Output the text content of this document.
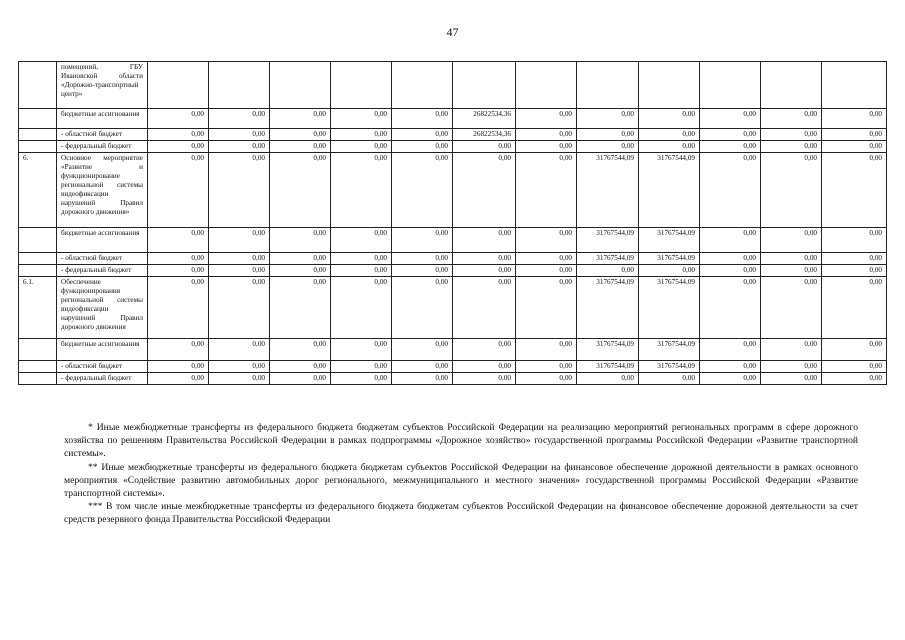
47
	помещений, ГБУ Ивановской области «Дорожно-транспортный центр»												
	бюджетные ассигнования	0,00	0,00	0,00	0,00	0,00	26822534,36	0,00	0,00	0,00	0,00	0,00	0,00
	- областной бюджет	0,00	0,00	0,00	0,00	0,00	26822534,36	0,00	0,00	0,00	0,00	0,00	0,00
	- федеральный бюджет	0,00	0,00	0,00	0,00	0,00	0,00	0,00	0,00	0,00	0,00	0,00	0,00
6.	Основное мероприятие «Развитие и функционирование региональной системы видеофиксации нарушений Правил дорожного движения»	0,00	0,00	0,00	0,00	0,00	0,00	0,00	31767544,09	31767544,09	0,00	0,00	0,00
	бюджетные ассигнования	0,00	0,00	0,00	0,00	0,00	0,00	0,00	31767544,09	31767544,09	0,00	0,00	0,00
	- областной бюджет	0,00	0,00	0,00	0,00	0,00	0,00	0,00	31767544,09	31767544,09	0,00	0,00	0,00
	- федеральный бюджет	0,00	0,00	0,00	0,00	0,00	0,00	0,00	0,00	0,00	0,00	0,00	0,00
6.1.	Обеспечение функционирования региональной системы видеофиксации нарушений Правил дорожного движения	0,00	0,00	0,00	0,00	0,00	0,00	0,00	31767544,09	31767544,09	0,00	0,00	0,00
	бюджетные ассигнования	0,00	0,00	0,00	0,00	0,00	0,00	0,00	31767544,09	31767544,09	0,00	0,00	0,00
	- областной бюджет	0,00	0,00	0,00	0,00	0,00	0,00	0,00	31767544,09	31767544,09	0,00	0,00	0,00
	- федеральный бюджет	0,00	0,00	0,00	0,00	0,00	0,00	0,00	0,00	0,00	0,00	0,00	0,00

* Иные межбюджетные трансферты из федерального бюджета бюджетам субъектов Российской Федерации на реализацию мероприятий региональных программ в сфере дорожного хозяйства по решениям Правительства Российской Федерации в рамках подпрограммы «Дорожное хозяйство» государственной программы Российской Федерации «Развитие транспортной системы».

** Иные межбюджетные трансферты из федерального бюджета бюджетам субъектов Российской Федерации на финансовое обеспечение дорожной деятельности в рамках основного мероприятия «Содействие развитию автомобильных дорог регионального, межмуниципального и местного значения» государственной программы Российской Федерации «Развитие транспортной системы».

*** В том числе иные межбюджетные трансферты из федерального бюджета бюджетам субъектов Российской Федерации на финансовое обеспечение дорожной деятельности за счет средств резервного фонда Правительства Российской Федерации
